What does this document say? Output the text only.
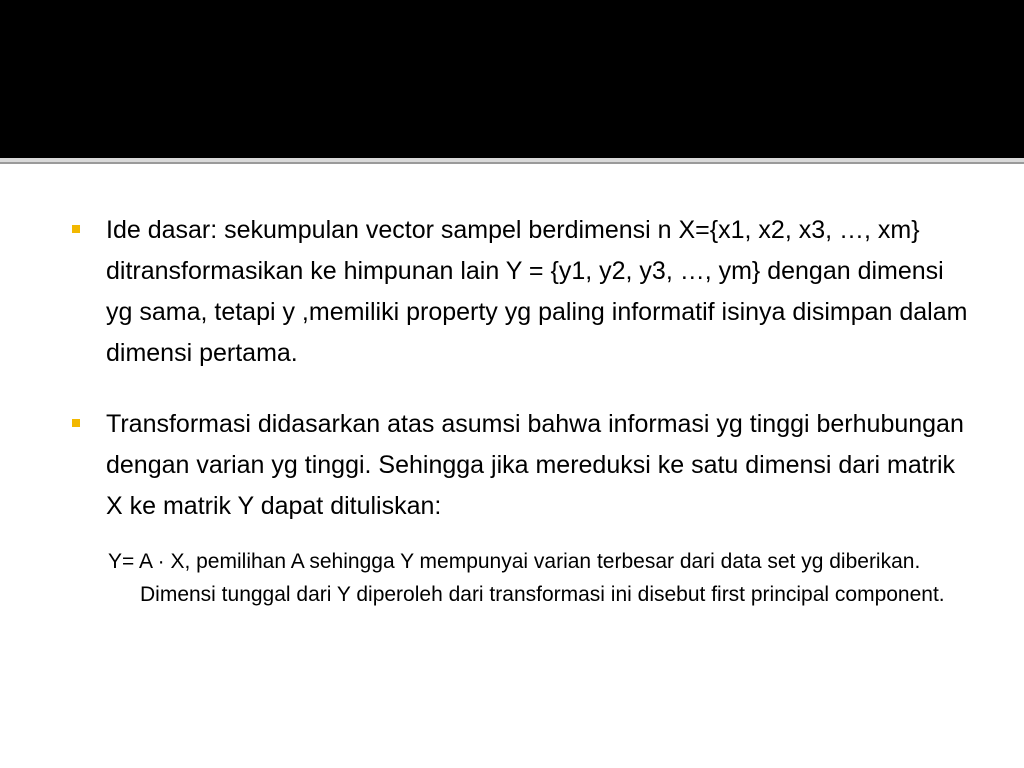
Ide dasar: sekumpulan vector sampel berdimensi n X={x1, x2, x3, …, xm} ditransformasikan ke himpunan lain Y = {y1, y2, y3, …, ym} dengan dimensi yg sama, tetapi y ,memiliki property yg paling informatif isinya disimpan dalam dimensi pertama.
Transformasi didasarkan atas asumsi bahwa informasi yg tinggi berhubungan dengan varian yg tinggi. Sehingga jika mereduksi ke satu dimensi dari matrik X ke matrik Y dapat dituliskan:
Y= A · X, pemilihan A sehingga Y mempunyai varian terbesar dari data set yg diberikan. Dimensi tunggal dari Y diperoleh dari transformasi ini disebut first principal component.
